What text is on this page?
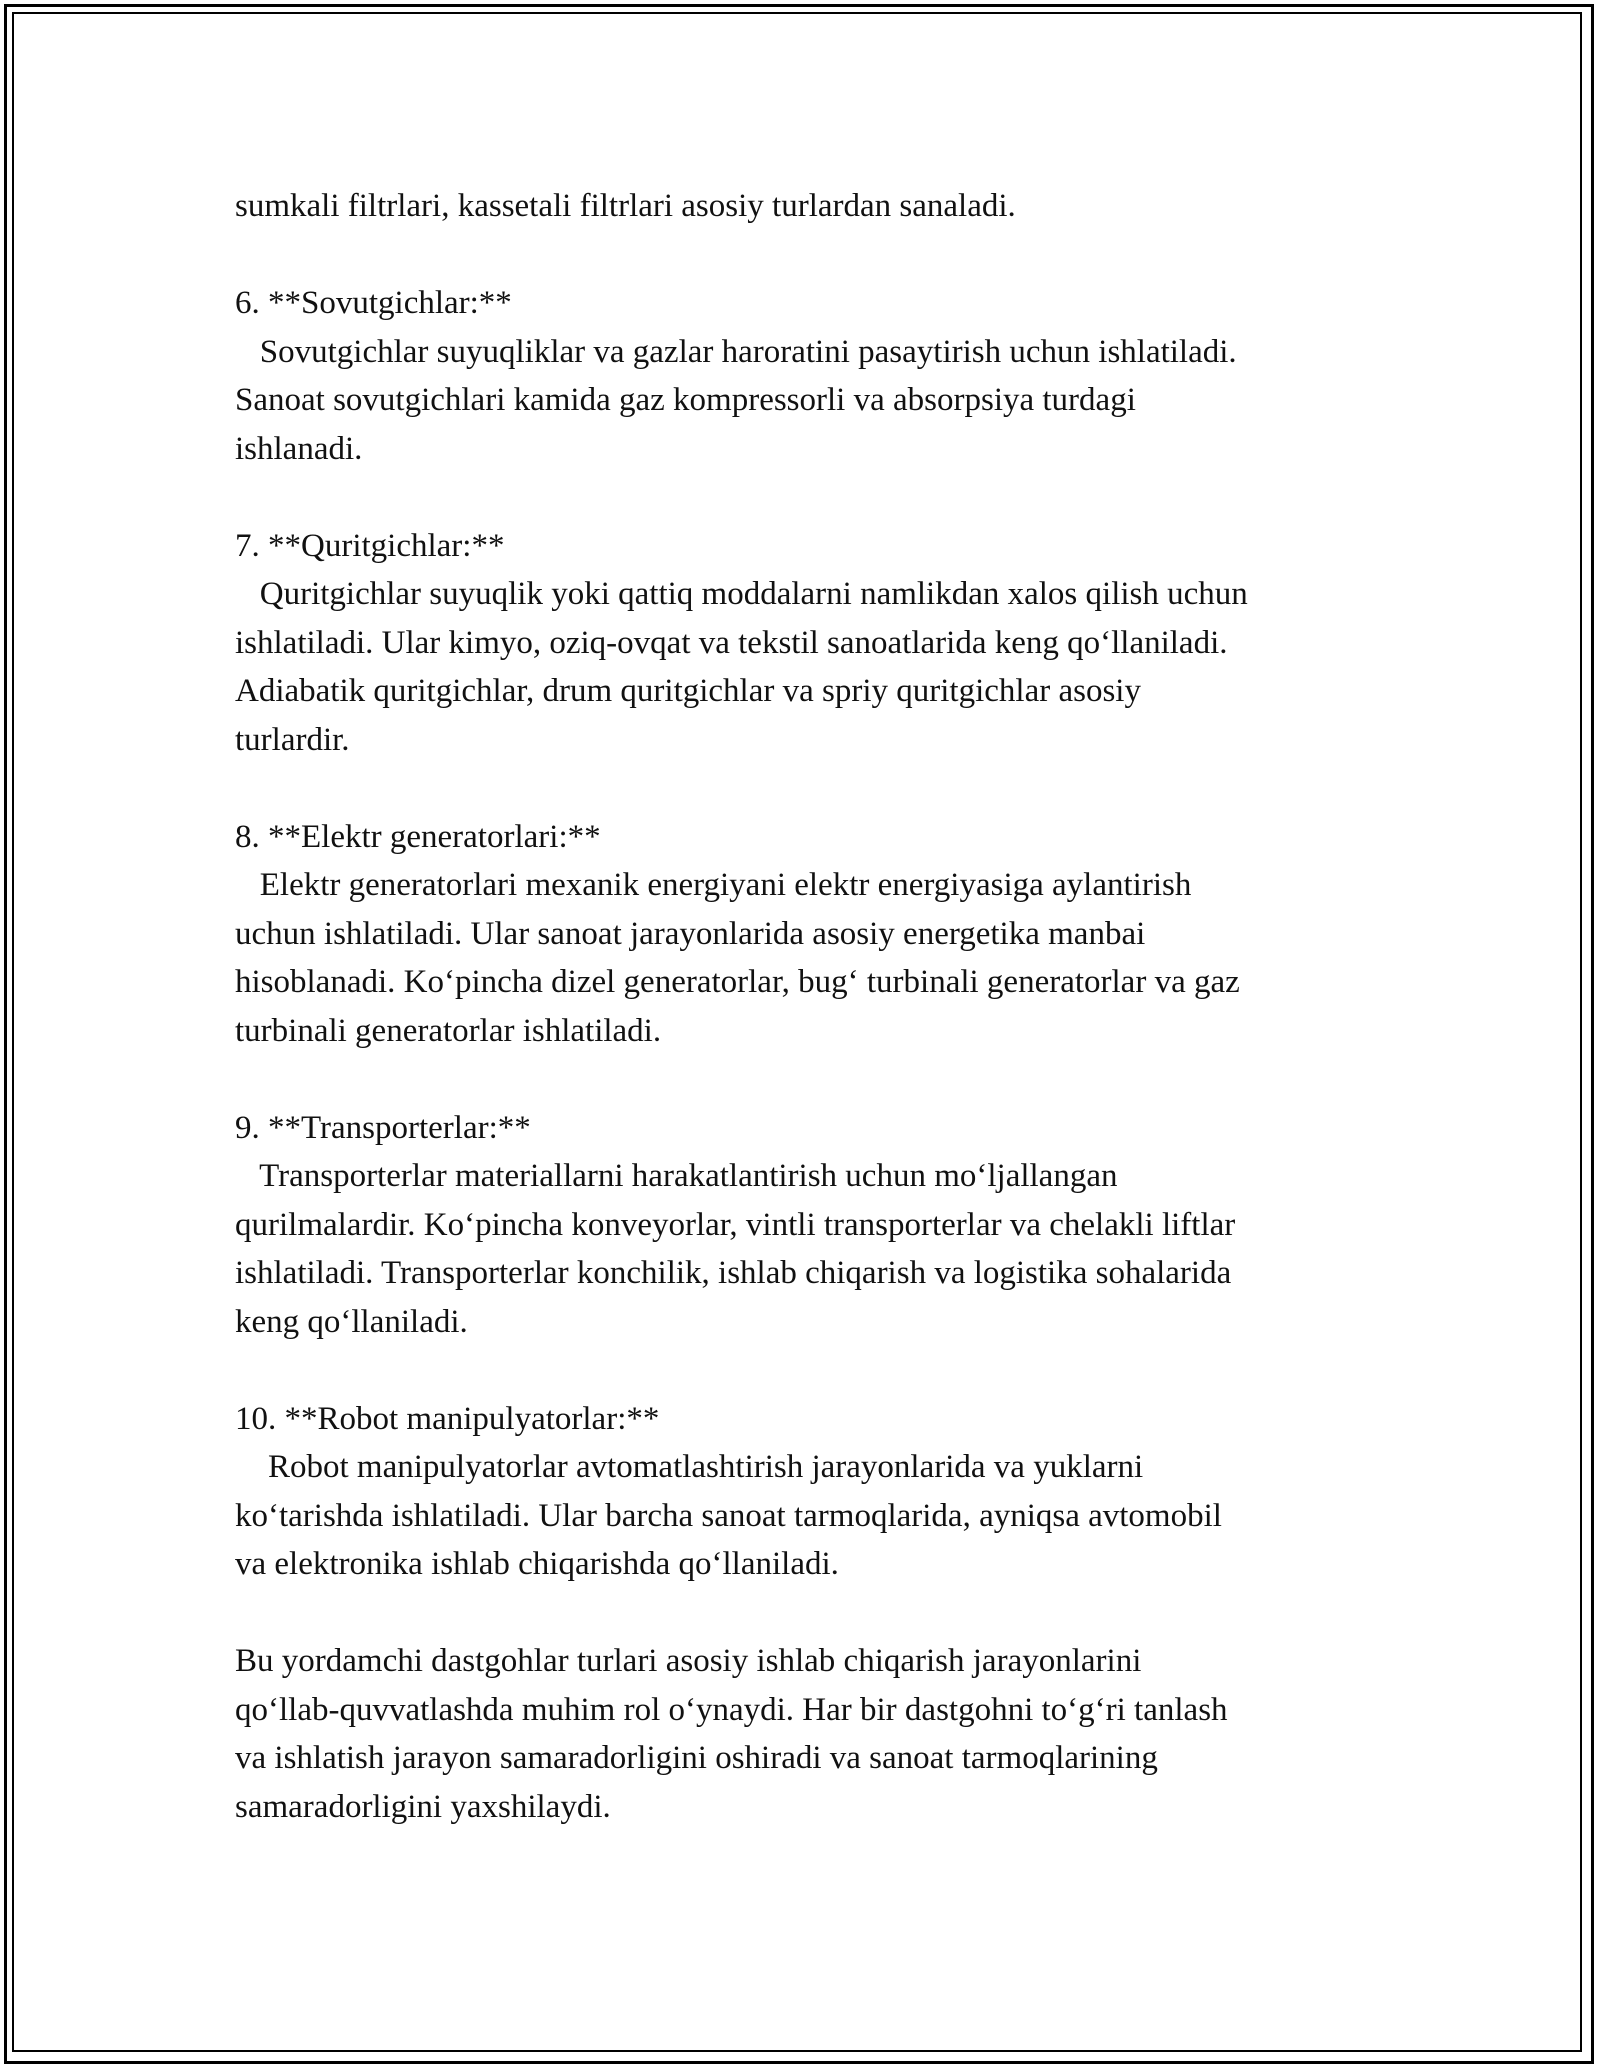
sumkali filtrlari, kassetali filtrlari asosiy turlardan sanaladi.
6. **Sovutgichlar:**
Sovutgichlar suyuqliklar va gazlar haroratini pasaytirish uchun ishlatiladi.
Sanoat sovutgichlari kamida gaz kompressorli va absorpsiya turdagi
ishlanadi.
7. **Quritgichlar:**
Quritgichlar suyuqlik yoki qattiq moddalarni namlikdan xalos qilish uchun
ishlatiladi. Ular kimyo, oziq-ovqat va tekstil sanoatlarida keng qo‘llaniladi.
Adiabatik quritgichlar, drum quritgichlar va spriy quritgichlar asosiy
turlardir.
8. **Elektr generatorlari:**
Elektr generatorlari mexanik energiyani elektr energiyasiga aylantirish
uchun ishlatiladi. Ular sanoat jarayonlarida asosiy energetika manbai
hisoblanadi. Ko‘pincha dizel generatorlar, bug‘ turbinali generatorlar va gaz
turbinali generatorlar ishlatiladi.
9. **Transporterlar:**
Transporterlar materiallarni harakatlantirish uchun mo‘ljallangan
qurilmalardir. Ko‘pincha konveyorlar, vintli transporterlar va chelakli liftlar
ishlatiladi. Transporterlar konchilik, ishlab chiqarish va logistika sohalarida
keng qo‘llaniladi.
10. **Robot manipulyatorlar:**
Robot manipulyatorlar avtomatlashtirish jarayonlarida va yuklarni
ko‘tarishda ishlatiladi. Ular barcha sanoat tarmoqlarida, ayniqsa avtomobil
va elektronika ishlab chiqarishda qo‘llaniladi.
Bu yordamchi dastgohlar turlari asosiy ishlab chiqarish jarayonlarini
qo‘llab-quvvatlashda muhim rol o‘ynaydi. Har bir dastgohni to‘g‘ri tanlash
va ishlatish jarayon samaradorligini oshiradi va sanoat tarmoqlarining
samaradorligini yaxshilaydi.
